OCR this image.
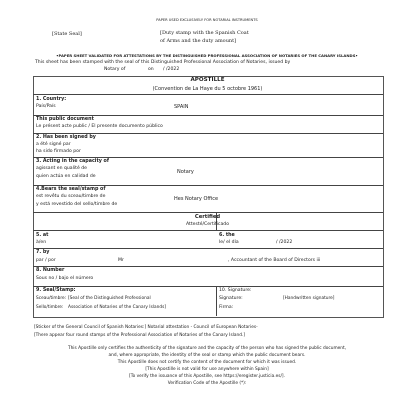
PAPER USED EXCLUSIVELY FOR NOTARIAL INSTRUMENTS
[State Seal]	[Duty stamp with the Spanish Coat
of Arms and the duty amount]
•PAPER SHEET VALIDATED FOR ATTESTATIONS BY THE DISTINGUISHED PROFESSIONAL ASSOCIATION OF NOTARIES OF THE CANARY ISLANDS•
This sheet has been stamped with the seal of this Distinguished Professional Association of Notaries, issued by
Notary of	on / /2022
APOSTILLE
(Convention de La Haye du 5 octobre 1961)
1. Country:
País/País	SPAIN
This public document
Le présent acte public / El presente documento público
2. Has been signed by
a été signé par
ha sido firmado por
3. Acting in the capacity of
agissant en qualité de
quien actúa en calidad de
Notary
4.Bears the seal/stamp of
est revêtu du sceau/timbre de
y está revestido del sello/timbre de
Hes Notary Office
Certified
Attesté/Certificado
5. at
à/en
6. the
le/ el día	/ /2022
7. by
par / por	Mr	, Accountant of the Board of Directors iii
8. Number
Sous no / bajo el número
9. Seal/Stamp:
Sceau/timbre: [Seal of the Distinguished Professional
Sello/timbre: Association of Notaries of the Canary Islands]
10. Signature:
Signature:	[Handwritten signature]
Firma:
[Sticker of the General Council of Spanish Notaries:] Notarial attestation - Council of European Notaries-
[There appear four round stamps of the Professional Association of Notaries of the Canary Island.]
This Apostille only certifies the authenticity of the signature and the capacity of the person who has signed the public document,
and, where appropriate, the identity of the seal or stamp which the public document bears.
This Apostille does not certify the content of the document for which it was issued.
[This Apostille is not valid for use anywhere within Spain]
[To verify the issuance of this Apostille, see https://eregister.justicia.es/].
Verification Code of the Apostille (*):
